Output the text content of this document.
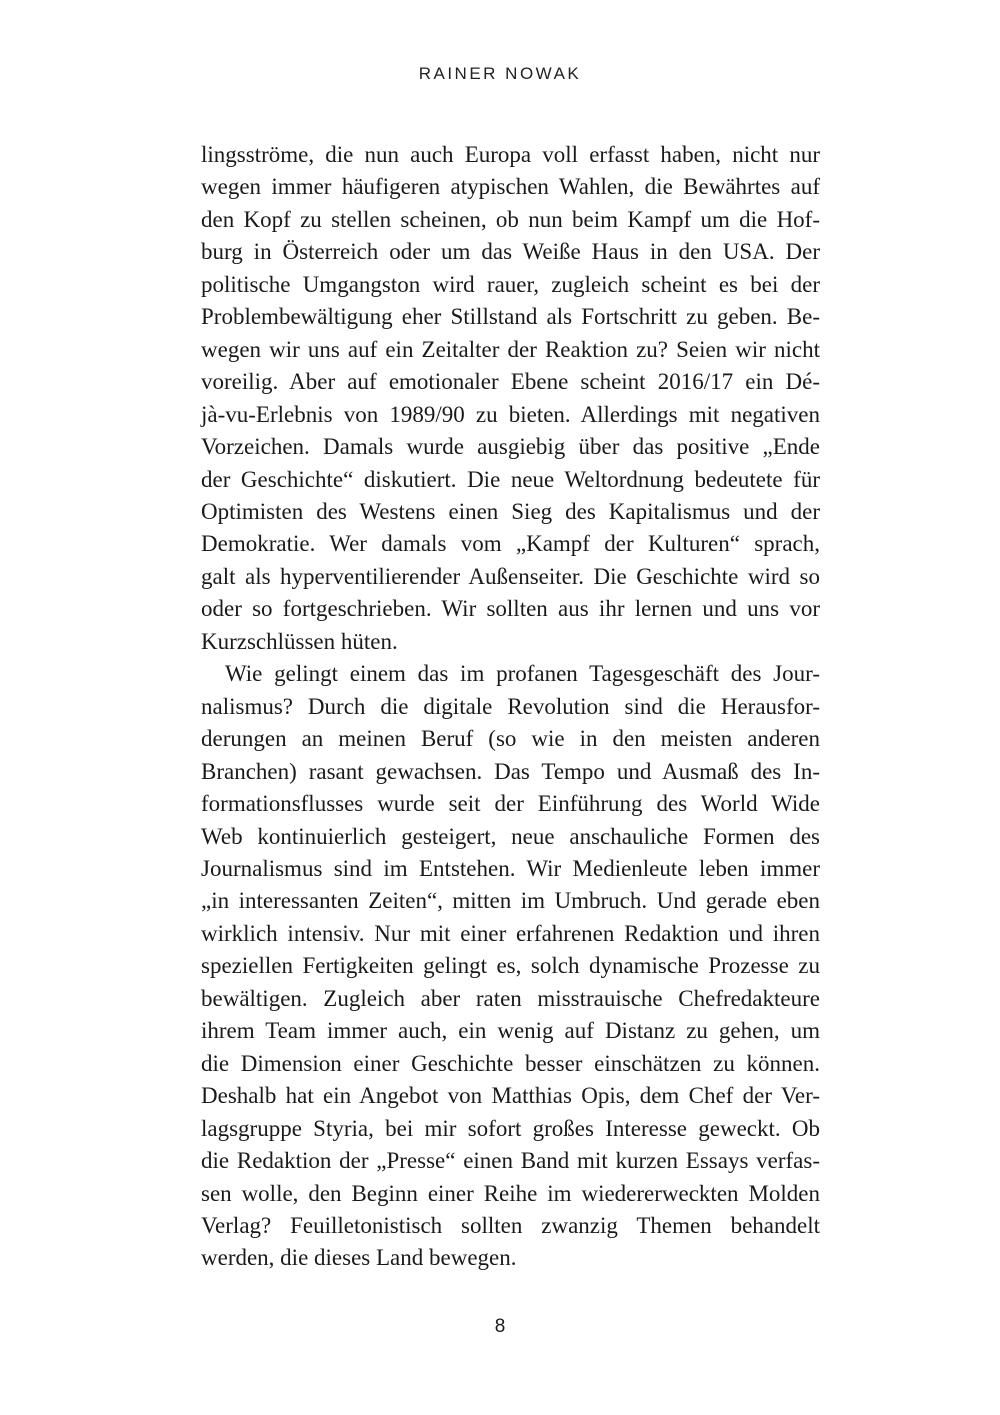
RAINER NOWAK
lingsströme, die nun auch Europa voll erfasst haben, nicht nur
wegen immer häufigeren atypischen Wahlen, die Bewährtes auf
den Kopf zu stellen scheinen, ob nun beim Kampf um die Hof-
burg in Österreich oder um das Weiße Haus in den USA. Der
politische Umgangston wird rauer, zugleich scheint es bei der
Problembewältigung eher Stillstand als Fortschritt zu geben. Be-
wegen wir uns auf ein Zeitalter der Reaktion zu? Seien wir nicht
voreilig. Aber auf emotionaler Ebene scheint 2016/17 ein Dé-
jà-vu-Erlebnis von 1989/90 zu bieten. Allerdings mit negativen
Vorzeichen. Damals wurde ausgiebig über das positive „Ende
der Geschichte“ diskutiert. Die neue Weltordnung bedeutete für
Optimisten des Westens einen Sieg des Kapitalismus und der
Demokratie. Wer damals vom „Kampf der Kulturen“ sprach,
galt als hyperventilierender Außenseiter. Die Geschichte wird so
oder so fortgeschrieben. Wir sollten aus ihr lernen und uns vor
Kurzschlüssen hüten.
Wie gelingt einem das im profanen Tagesgeschäft des Jour-
nalismus? Durch die digitale Revolution sind die Herausfor-
derungen an meinen Beruf (so wie in den meisten anderen
Branchen) rasant gewachsen. Das Tempo und Ausmaß des In-
formationsflusses wurde seit der Einführung des World Wide
Web kontinuierlich gesteigert, neue anschauliche Formen des
Journalismus sind im Entstehen. Wir Medienleute leben immer
„in interessanten Zeiten“, mitten im Umbruch. Und gerade eben
wirklich intensiv. Nur mit einer erfahrenen Redaktion und ihren
speziellen Fertigkeiten gelingt es, solch dynamische Prozesse zu
bewältigen. Zugleich aber raten misstrauische Chefredakteure
ihrem Team immer auch, ein wenig auf Distanz zu gehen, um
die Dimension einer Geschichte besser einschätzen zu können.
Deshalb hat ein Angebot von Matthias Opis, dem Chef der Ver-
lagsgruppe Styria, bei mir sofort großes Interesse geweckt. Ob
die Redaktion der „Presse“ einen Band mit kurzen Essays verfas-
sen wolle, den Beginn einer Reihe im wiedererweckten Molden
Verlag? Feuilletonistisch sollten zwanzig Themen behandelt
werden, die dieses Land bewegen.
8
